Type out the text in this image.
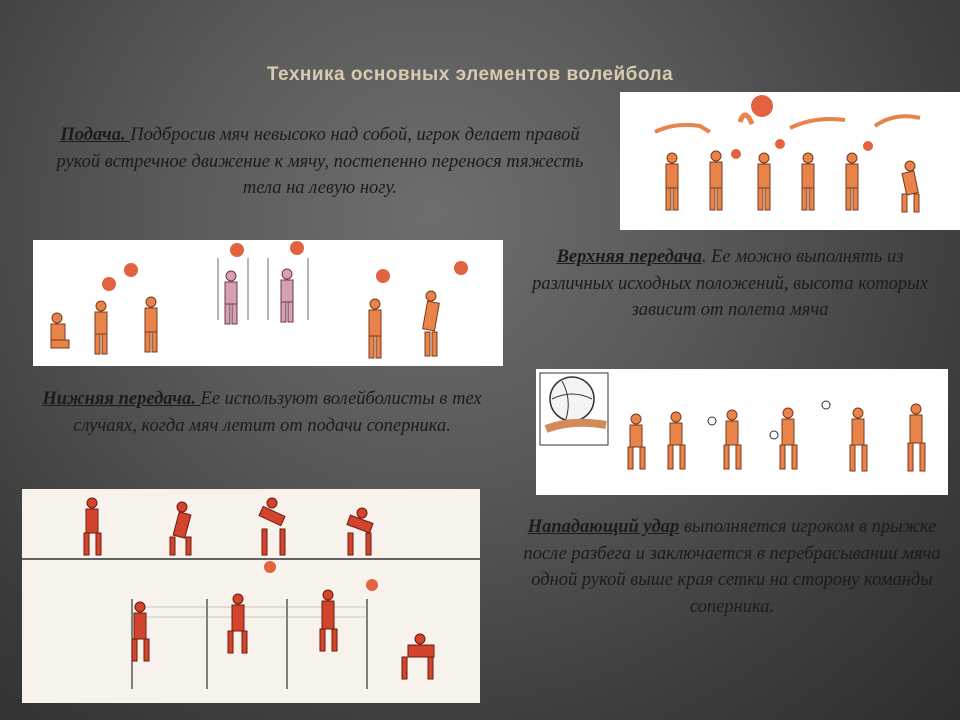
Техника основных элементов волейбола
Подача. Подбросив мяч невысоко над собой, игрок делает правой рукой встречное движение к мячу, постепенно перенося тяжесть тела на левую ногу.
Верхняя передача. Ее можно выполнять из различных исходных положений, высота которых зависит от полета мяча
Нижняя передача. Ее используют волейболисты в тех случаях, когда мяч летит от подачи соперника.
Нападающий удар выполняется игроком в прыжке после разбега и заключается в перебрасывании мяча одной рукой выше края сетки на сторону команды соперника.
